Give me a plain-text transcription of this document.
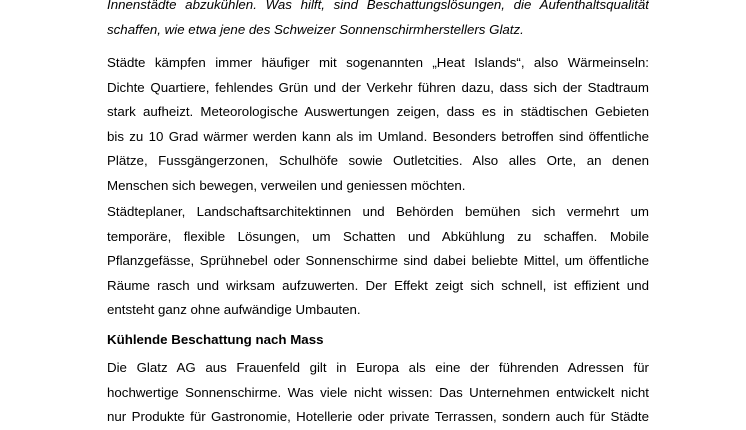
Innenstädte abzukühlen. Was hilft, sind Beschattungslösungen, die Aufenthaltsqualität
schaffen, wie etwa jene des Schweizer Sonnenschirmherstellers Glatz.
Städte kämpfen immer häufiger mit sogenannten „Heat Islands“, also Wärmeinseln:
Dichte Quartiere, fehlendes Grün und der Verkehr führen dazu, dass sich der Stadtraum
stark aufheizt. Meteorologische Auswertungen zeigen, dass es in städtischen Gebieten
bis zu 10 Grad wärmer werden kann als im Umland. Besonders betroffen sind öffentliche
Plätze, Fussgängerzonen, Schulhöfe sowie Outletcities. Also alles Orte, an denen
Menschen sich bewegen, verweilen und geniessen möchten.
Städteplaner, Landschaftsarchitektinnen und Behörden bemühen sich vermehrt um
temporäre, flexible Lösungen, um Schatten und Abkühlung zu schaffen. Mobile
Pflanzgefässe, Sprühnebel oder Sonnenschirme sind dabei beliebte Mittel, um öffentliche
Räume rasch und wirksam aufzuwerten. Der Effekt zeigt sich schnell, ist effizient und
entsteht ganz ohne aufwändige Umbauten.

Kühlende Beschattung nach Mass

Die Glatz AG aus Frauenfeld gilt in Europa als eine der führenden Adressen für
hochwertige Sonnenschirme. Was viele nicht wissen: Das Unternehmen entwickelt nicht
nur Produkte für Gastronomie, Hotellerie oder private Terrassen, sondern auch für Städte
